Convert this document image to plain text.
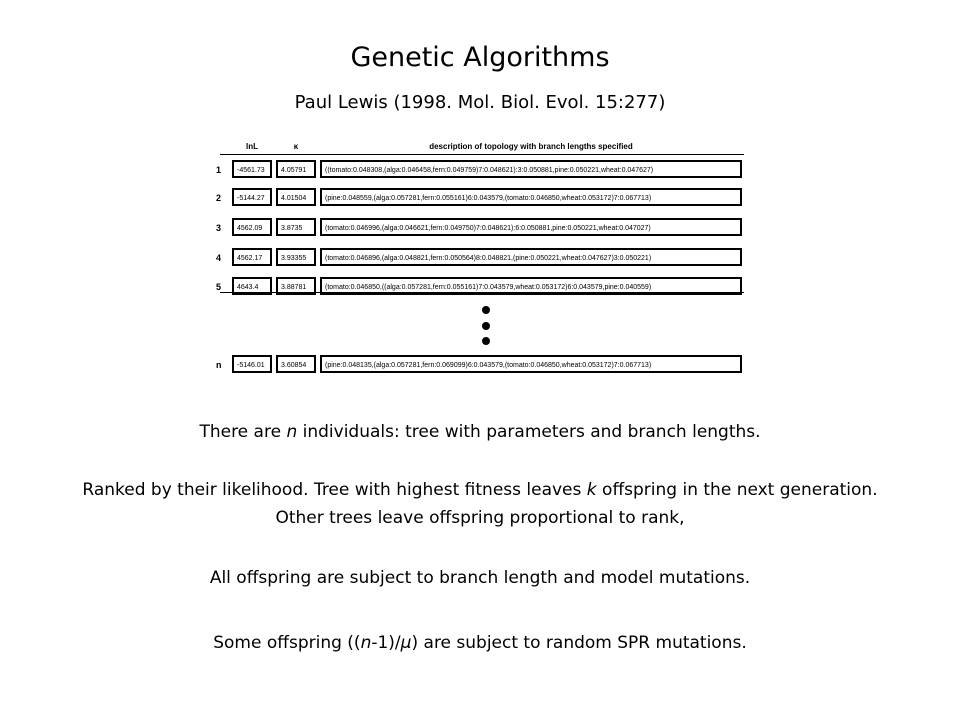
Genetic Algorithms
Paul Lewis (1998. Mol. Biol. Evol. 15:277)
lnL	κ	description of topology with branch lengths specified
1	-4561.73	4.05791	((tomato:0.048308,(alga:0.046458,fern:0.049759)7:0.048621):3:0.050881,pine:0.050221,wheat:0.047627)
2	-5144.27	4.01504	(pine:0.048559,(alga:0.057281,fern:0.055161)6:0.043579,(tomato:0.046850,wheat:0.053172)7:0.067713)
3	4562.09	3.8735	(tomato:0.046996,(alga:0.046621,fern:0.049750)7:0.048621):6:0.050881,pine:0.050221,wheat:0.047027)
4	4562.17	3.93355	(tomato:0.046896,(alga:0.048821,fern:0.050564)8:0.048821,(pine:0.050221,wheat:0.047627)3:0.050221)
5	4643.4	3.88781	(tomato:0.046850,((alga:0.057281,fern:0.055161)7:0.043579,wheat:0.053172)6:0.043579,pine:0.040559)
n	-5146.01	3.60854	(pine:0.048135,(alga:0.057281,fern:0.069099)6:0.043579,(tomato:0.046850,wheat:0.053172)7:0.067713)
There are n individuals: tree with parameters and branch lengths.
Ranked by their likelihood. Tree with highest fitness leaves k offspring in the next generation.
Other trees leave offspring proportional to rank,
All offspring are subject to branch length and model mutations.
Some offspring ((n-1)/μ) are subject to random SPR mutations.
